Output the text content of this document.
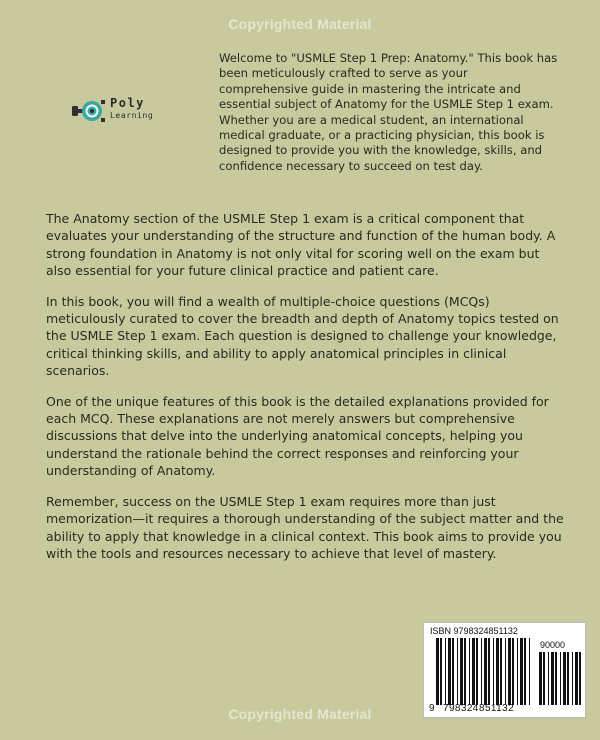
Copyrighted Material
Poly
Learning

Welcome to "USMLE Step 1 Prep: Anatomy." This book has been meticulously crafted to serve as your comprehensive guide in mastering the intricate and essential subject of Anatomy for the USMLE Step 1 exam. Whether you are a medical student, an international medical graduate, or a practicing physician, this book is designed to provide you with the knowledge, skills, and confidence necessary to succeed on test day.

The Anatomy section of the USMLE Step 1 exam is a critical component that evaluates your understanding of the structure and function of the human body. A strong foundation in Anatomy is not only vital for scoring well on the exam but also essential for your future clinical practice and patient care.

In this book, you will find a wealth of multiple-choice questions (MCQs) meticulously curated to cover the breadth and depth of Anatomy topics tested on the USMLE Step 1 exam. Each question is designed to challenge your knowledge, critical thinking skills, and ability to apply anatomical principles in clinical scenarios.

One of the unique features of this book is the detailed explanations provided for each MCQ. These explanations are not merely answers but comprehensive discussions that delve into the underlying anatomical concepts, helping you understand the rationale behind the correct responses and reinforcing your understanding of Anatomy.

Remember, success on the USMLE Step 1 exam requires more than just memorization—it requires a thorough understanding of the subject matter and the ability to apply that knowledge in a clinical context. This book aims to provide you with the tools and resources necessary to achieve that level of mastery.

ISBN 9798324851132
90000
9 798324 851132
Copyrighted Material
